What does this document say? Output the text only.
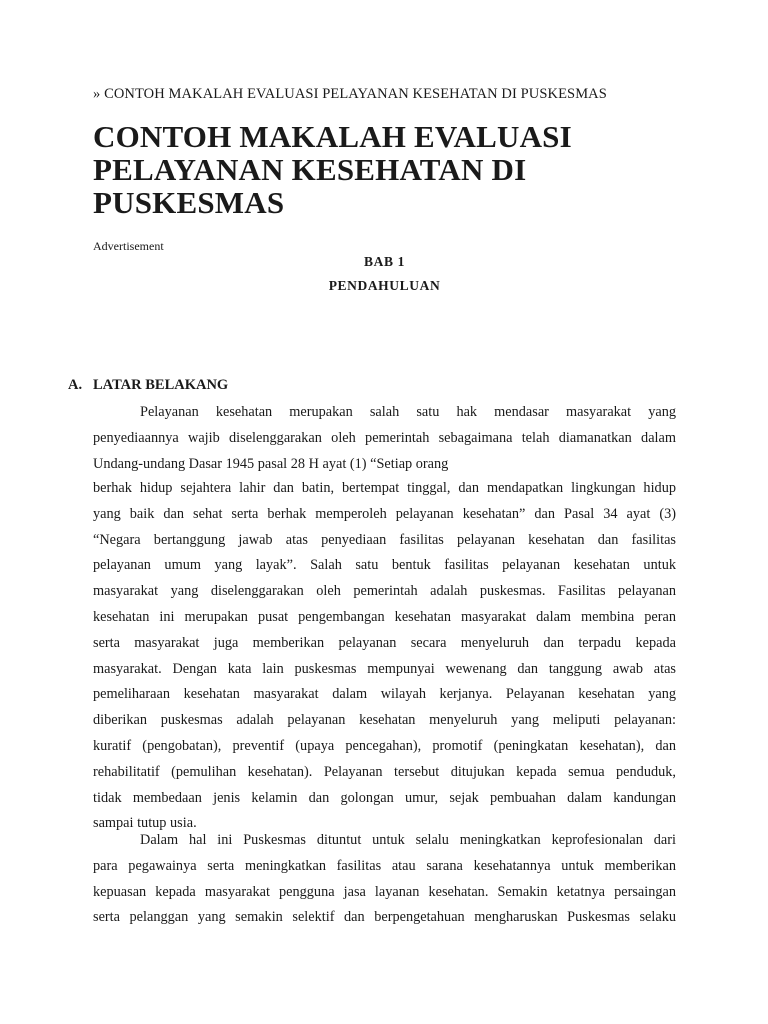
» CONTOH MAKALAH EVALUASI PELAYANAN KESEHATAN DI PUSKESMAS
CONTOH MAKALAH EVALUASI
PELAYANAN KESEHATAN DI
PUSKESMAS
Advertisement
BAB 1
PENDAHULUAN
A. LATAR BELAKANG
Pelayanan kesehatan merupakan salah satu hak mendasar masyarakat yang
penyediaannya wajib diselenggarakan oleh pemerintah sebagaimana telah diamanatkan dalam
Undang-undang Dasar 1945 pasal 28 H ayat (1) “Setiap orang
berhak hidup sejahtera lahir dan batin, bertempat tinggal, dan mendapatkan lingkungan hidup
yang baik dan sehat serta berhak memperoleh pelayanan kesehatan” dan Pasal 34 ayat (3)
“Negara bertanggung jawab atas penyediaan fasilitas pelayanan kesehatan dan fasilitas
pelayanan umum yang layak”. Salah satu bentuk fasilitas pelayanan kesehatan untuk
masyarakat yang diselenggarakan oleh pemerintah adalah puskesmas. Fasilitas pelayanan
kesehatan ini merupakan pusat pengembangan kesehatan masyarakat dalam membina peran
serta masyarakat juga memberikan pelayanan secara menyeluruh dan terpadu kepada
masyarakat. Dengan kata lain puskesmas mempunyai wewenang dan tanggung awab atas
pemeliharaan kesehatan masyarakat dalam wilayah kerjanya. Pelayanan kesehatan yang
diberikan puskesmas adalah pelayanan kesehatan menyeluruh yang meliputi pelayanan:
kuratif (pengobatan), preventif (upaya pencegahan), promotif (peningkatan kesehatan), dan
rehabilitatif (pemulihan kesehatan). Pelayanan tersebut ditujukan kepada semua penduduk,
tidak membedaan jenis kelamin dan golongan umur, sejak pembuahan dalam kandungan
sampai tutup usia.
Dalam hal ini Puskesmas dituntut untuk selalu meningkatkan keprofesionalan dari
para pegawainya serta meningkatkan fasilitas atau sarana kesehatannya untuk memberikan
kepuasan kepada masyarakat pengguna jasa layanan kesehatan. Semakin ketatnya persaingan
serta pelanggan yang semakin selektif dan berpengetahuan mengharuskan Puskesmas selaku
